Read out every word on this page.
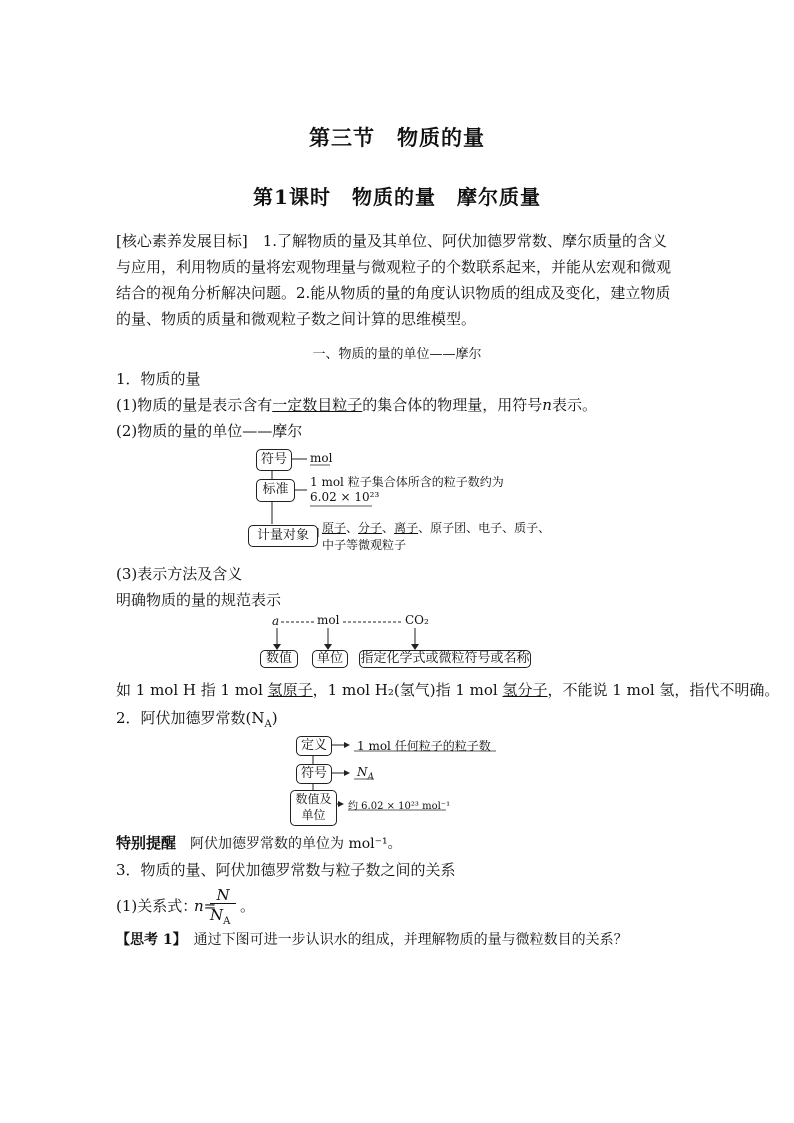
第三节　物质的量
第1课时　物质的量　摩尔质量
[核心素养发展目标]　1.了解物质的量及其单位、阿伏加德罗常数、摩尔质量的含义与应用，利用物质的量将宏观物理量与微观粒子的个数联系起来，并能从宏观和微观结合的视角分析解决问题。2.能从物质的量的角度认识物质的组成及变化，建立物质的量、物质的质量和微观粒子数之间计算的思维模型。
一、物质的量的单位——摩尔
1．物质的量
(1)物质的量是表示含有一定数目粒子的集合体的物理量，用符号n表示。
(2)物质的量的单位——摩尔
符号	mol
标准	1 mol 粒子集合体所含的粒子数约为
6.02 × 10²³
计量对象	原子、分子、离子、原子团、电子、质子、
中子等微观粒子
(3)表示方法及含义
明确物质的量的规范表示
a	mol	CO₂
数值	单位	指定化学式或微粒符号或名称
如 1 mol H 指 1 mol 氢原子，1 mol H₂(氢气)指 1 mol 氢分子，不能说 1 mol 氢，指代不明确。
2．阿伏加德罗常数$(N_A)$
定义	1 mol 任何粒子的粒子数
符号	$N_A$
数值及
单位
约 6.02 × 10²³ mol⁻¹
特别提醒　阿伏加德罗常数的单位为 mol⁻¹。
3．物质的量、阿伏加德罗常数与粒子数之间的关系
(1)关系式：
n=
N
$N_A$
。
【思考 1】　通过下图可进一步认识水的组成，并理解物质的量与微粒数目的关系？
